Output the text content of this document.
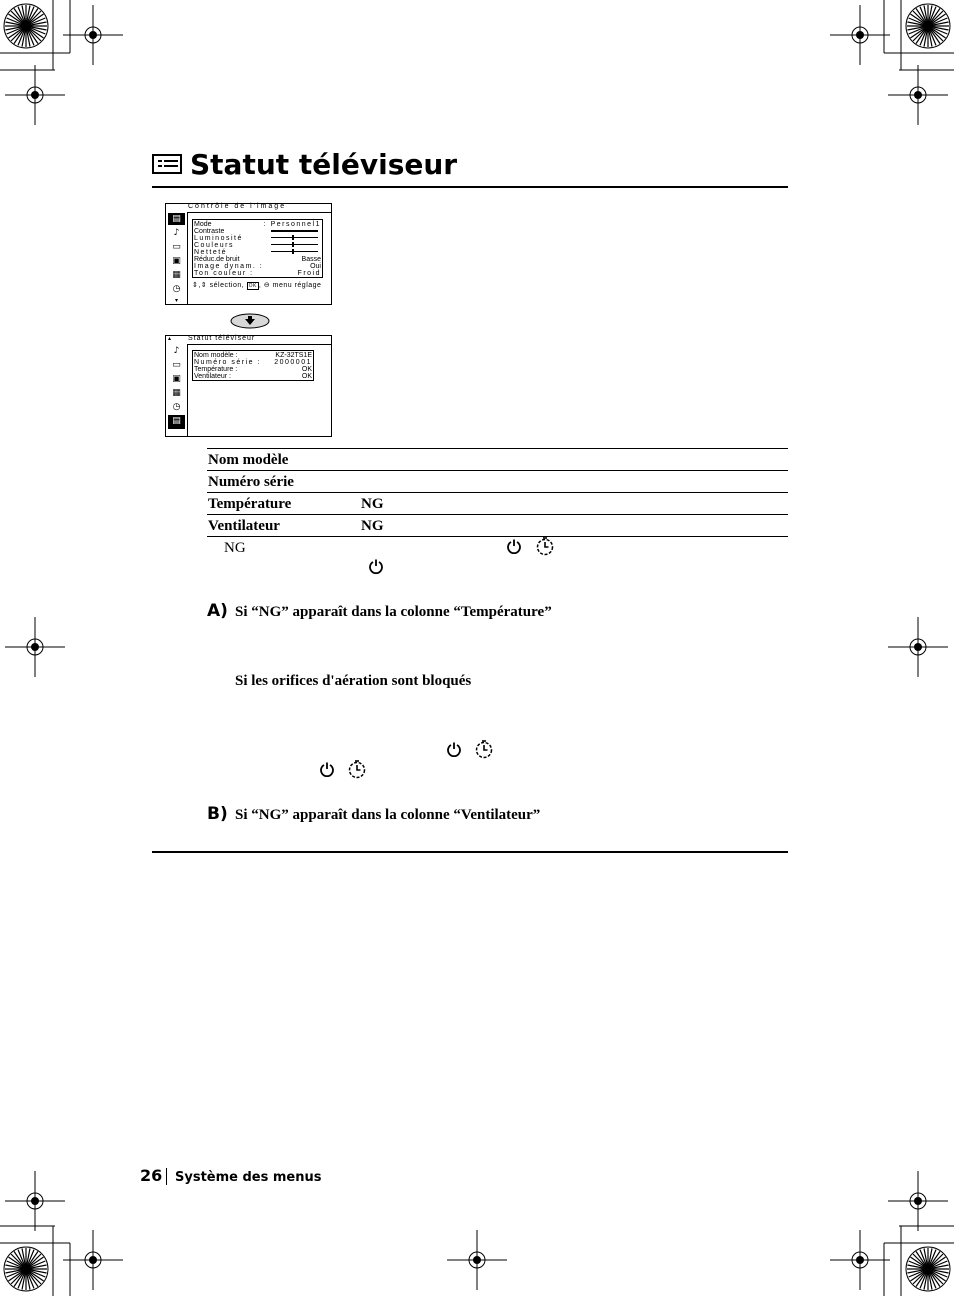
Statut téléviseur
▤
♪
▭
▣
▦
◷
▾
Contrôle de l'image
Mode	: Personnel1
Contraste
Luminosité
Couleurs
Netteté
Réduc.de bruit	Basse
Image dynam. :	Oui
Ton couleur :	Froid
⇕,⇕ sélection, OK , ⊖ menu réglage
♪
▭
▣
▦
◷
▤
▴ Statut téléviseur
Nom modèle :	KZ-32TS1E
Numéro série : 2000001
Température :	OK
Ventilateur :	OK
Nom modèle
Numéro série
Température	NG
Ventilateur	NG
NG
A) Si “NG” apparaît dans la colonne “Température”
Si les orifices d'aération sont bloqués
B) Si “NG” apparaît dans la colonne “Ventilateur”
26 Système des menus
